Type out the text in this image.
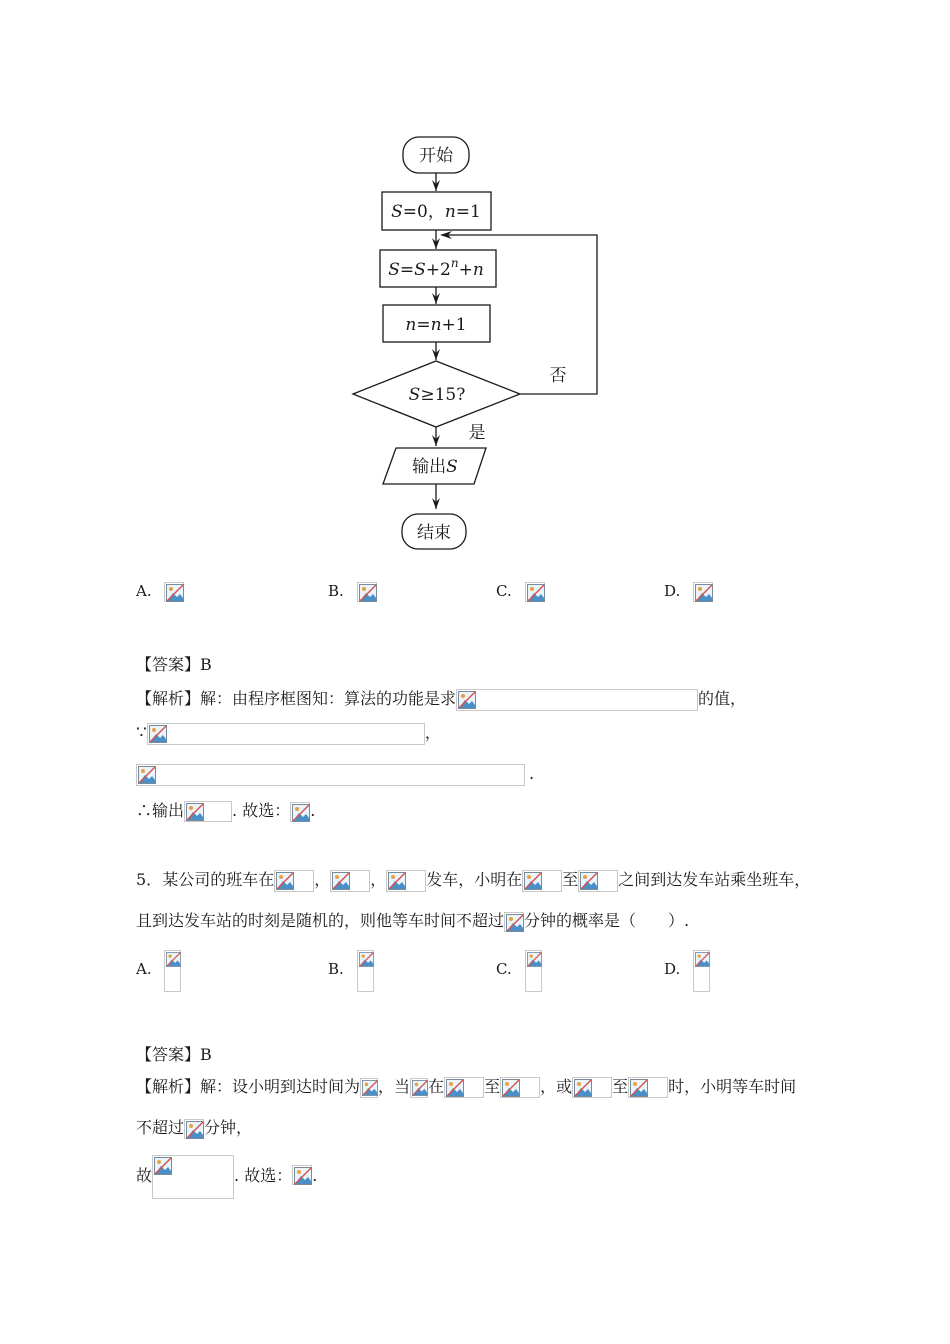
开始
S=0，n=1
$S=S+2^n+n$
n=n+1
S≥15?
否
是
输出S
结束
A.	B.	C.	D.
【答案】B
【解析】解：由程序框图知：算法的功能是求	的值，
∵	，
.
∴输出	. 故选： .
5．某公司的班车在	，	，	发车，小明在	至	之间到达发车站乘坐班车，
且到达发车站的时刻是随机的，则他等车时间不超过 分钟的概率是（　　）.
A.	B.	C.	D.
【答案】B
【解析】解：设小明到达时间为 ，当 在	至	，或	至	时，小明等车时间
不超过 分钟，
故	. 故选： .
